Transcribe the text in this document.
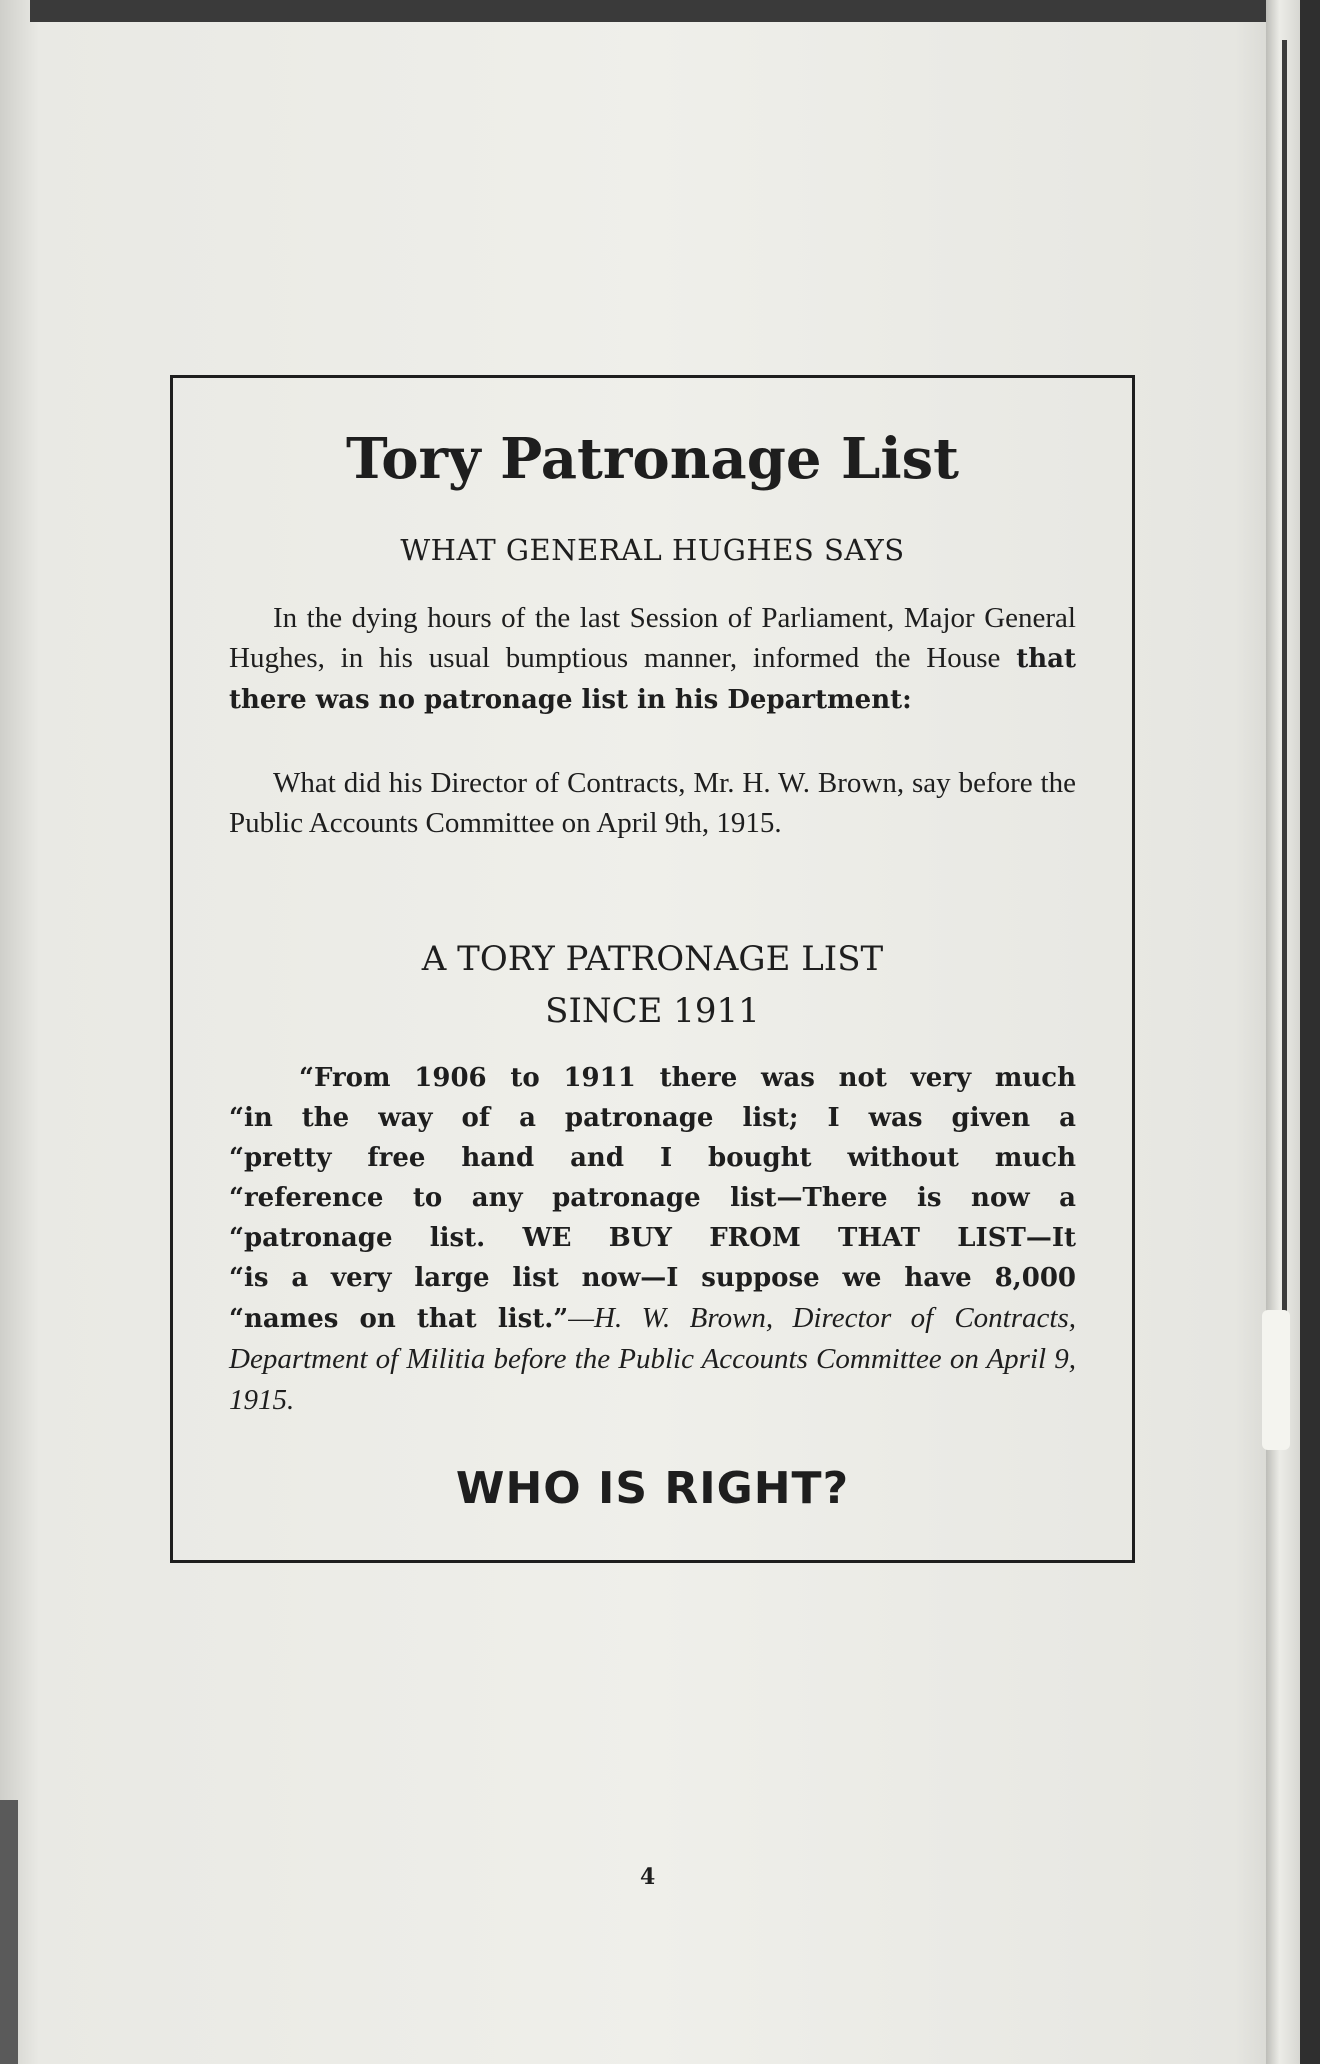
Tory Patronage List
WHAT GENERAL HUGHES SAYS
In the dying hours of the last Session of Parliament, Major General Hughes, in his usual bumptious manner, informed the House that there was no patronage list in his Department:
What did his Director of Contracts, Mr. H. W. Brown, say before the Public Accounts Committee on April 9th, 1915.
A TORY PATRONAGE LIST
SINCE 1911
“From 1906 to 1911 there was not very much
“in the way of a patronage list; I was given a
“pretty free hand and I bought without much
“reference to any patronage list—There is now a
“patronage list. WE BUY FROM THAT LIST—It
“is a very large list now—I suppose we have 8,000
“names on that list.”—H. W. Brown, Director of Contracts, Department of Militia before the Public Accounts Committee on April 9, 1915.
WHO IS RIGHT?
4
